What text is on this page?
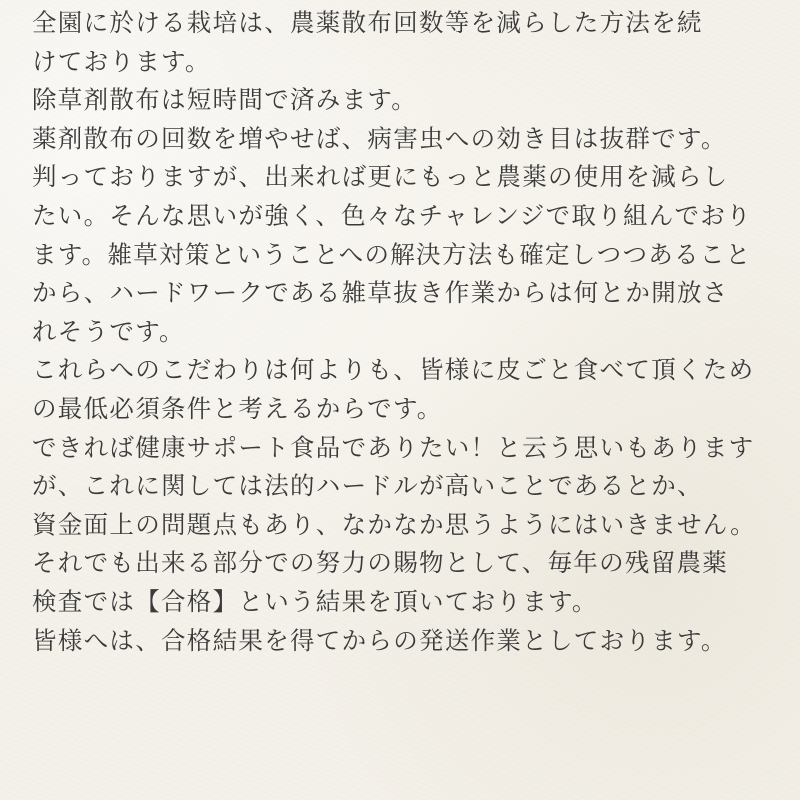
全園に於ける栽培は、農薬散布回数等を減らした方法を続
けております。
除草剤散布は短時間で済みます。
薬剤散布の回数を増やせば、病害虫への効き目は抜群です。
判っておりますが、出来れば更にもっと農薬の使用を減らし
たい。そんな思いが強く、色々なチャレンジで取り組んでおり
ます。雑草対策ということへの解決方法も確定しつつあること
から、ハードワークである雑草抜き作業からは何とか開放さ
れそうです。
これらへのこだわりは何よりも、皆様に皮ごと食べて頂くため
の最低必須条件と考えるからです。
できれば健康サポート食品でありたい！と云う思いもあります
が、これに関しては法的ハードルが高いことであるとか、
資金面上の問題点もあり、なかなか思うようにはいきません。
それでも出来る部分での努力の賜物として、毎年の残留農薬
検査では【合格】という結果を頂いております。
皆様へは、合格結果を得てからの発送作業としております。
